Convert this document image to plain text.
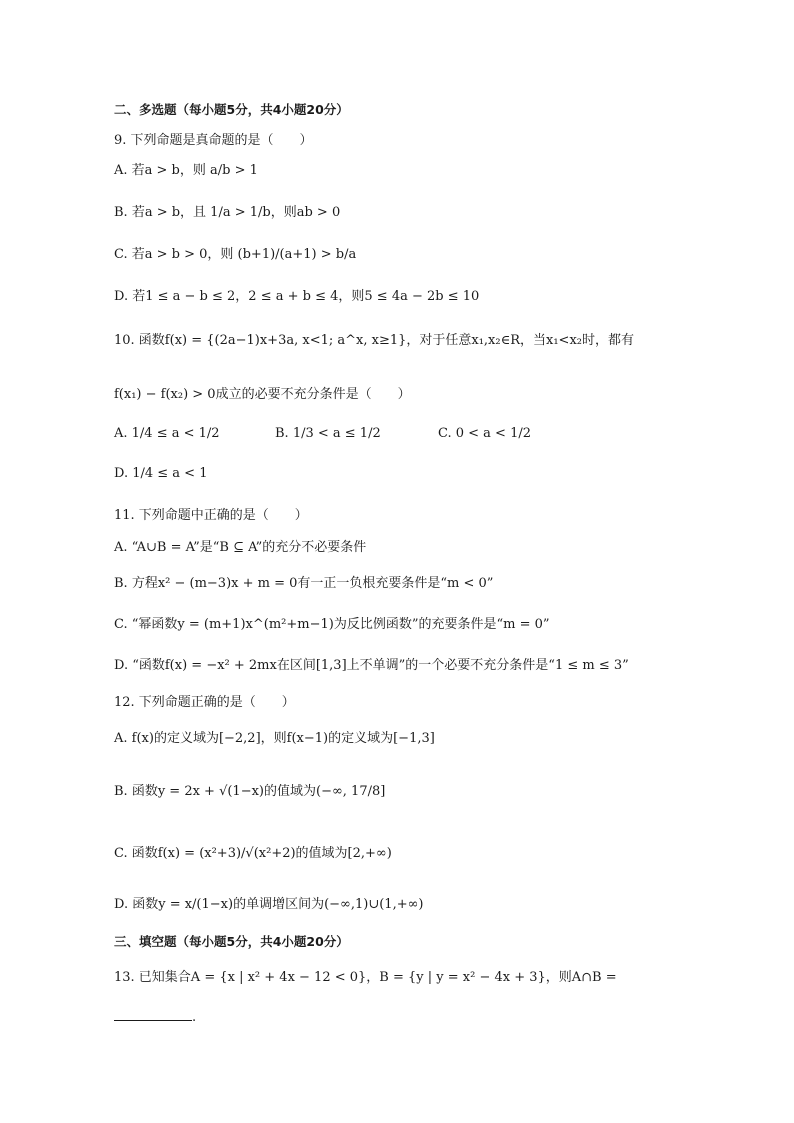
二、多选题（每小题5分，共4小题20分）
9. 下列命题是真命题的是（　　）
A. 若a > b，则 a/b > 1
B. 若a > b，且 1/a > 1/b，则ab > 0
C. 若a > b > 0，则 (b+1)/(a+1) > b/a
D. 若1 ≤ a − b ≤ 2，2 ≤ a + b ≤ 4，则5 ≤ 4a − 2b ≤ 10
10. 函数f(x) = {(2a−1)x+3a, x<1; a^x, x≥1}，对于任意x₁,x₂∈R，当x₁<x₂时，都有
f(x₁) − f(x₂) > 0成立的必要不充分条件是（　　）
A. 1/4 ≤ a < 1/2	B. 1/3 < a ≤ 1/2	C. 0 < a < 1/2
D. 1/4 ≤ a < 1
11. 下列命题中正确的是（　　）
A. “A∪B = A”是“B ⊆ A”的充分不必要条件
B. 方程x² − (m−3)x + m = 0有一正一负根充要条件是“m < 0”
C. “幂函数y = (m+1)x^(m²+m−1)为反比例函数”的充要条件是“m = 0”
D. “函数f(x) = −x² + 2mx在区间[1,3]上不单调”的一个必要不充分条件是“1 ≤ m ≤ 3”
12. 下列命题正确的是（　　）
A. f(x)的定义域为[−2,2]，则f(x−1)的定义域为[−1,3]
B. 函数y = 2x + √(1−x)的值域为(−∞, 17/8]
C. 函数f(x) = (x²+3)/√(x²+2)的值域为[2,+∞)
D. 函数y = x/(1−x)的单调增区间为(−∞,1)∪(1,+∞)
三、填空题（每小题5分，共4小题20分）
13. 已知集合A = {x | x² + 4x − 12 < 0}，B = {y | y = x² − 4x + 3}，则A∩B =
.
